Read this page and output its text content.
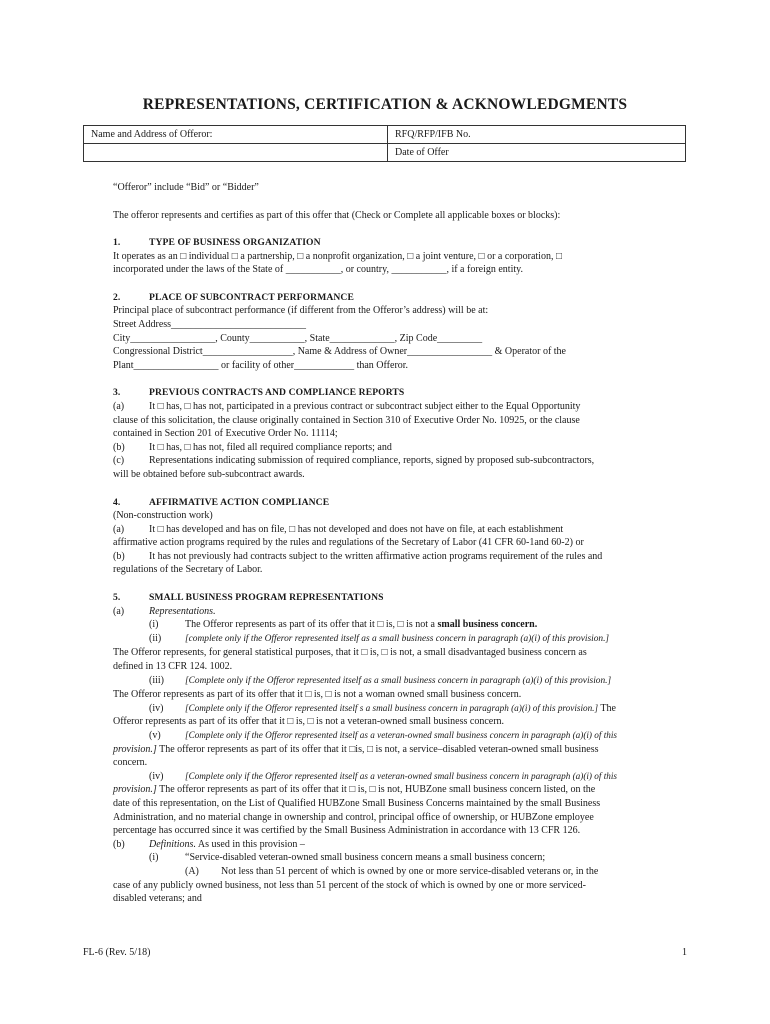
REPRESENTATIONS, CERTIFICATION & ACKNOWLEDGMENTS
Name and Address of Offeror:	RFQ/RFP/IFB No.
	Date of Offer

“Offeror” include “Bid” or “Bidder”

The offeror represents and certifies as part of this offer that (Check or Complete all applicable boxes or blocks):

1.	TYPE OF BUSINESS ORGANIZATION

It operates as an □ individual □ a partnership, □ a nonprofit organization, □ a joint venture, □ or a corporation, □

incorporated under the laws of the State of ___________, or country, ___________, if a foreign entity.

2.	PLACE OF SUBCONTRACT PERFORMANCE

Principal place of subcontract performance (if different from the Offeror’s address) will be at:

Street Address___________________________

City_________________, County___________, State_____________, Zip Code_________

Congressional District__________________, Name & Address of Owner_________________ & Operator of the

Plant_________________ or facility of other____________ than Offeror.

3.	PREVIOUS CONTRACTS AND COMPLIANCE REPORTS

(a) It □ has, □ has not, participated in a previous contract or subcontract subject either to the Equal Opportunity

clause of this solicitation, the clause originally contained in Section 310 of Executive Order No. 10925, or the clause

contained in Section 201 of Executive Order No. 11114;

(b) It □ has, □ has not, filed all required compliance reports; and

(c) Representations indicating submission of required compliance, reports, signed by proposed sub-subcontractors,

will be obtained before sub-subcontract awards.

4.	AFFIRMATIVE ACTION COMPLIANCE

(Non-construction work)

(a) It □ has developed and has on file, □ has not developed and does not have on file, at each establishment

affirmative action programs required by the rules and regulations of the Secretary of Labor (41 CFR 60-1and 60-2) or

(b) It has not previously had contracts subject to the written affirmative action programs requirement of the rules and

regulations of the Secretary of Labor.

5.	SMALL BUSINESS PROGRAM REPRESENTATIONS

(a) Representations.

(i)	The Offeror represents as part of its offer that it □ is, □ is not a small business concern.

(ii)	[complete only if the Offeror represented itself as a small business concern in paragraph (a)(i) of this provision.]

The Offeror represents, for general statistical purposes, that it □ is, □ is not, a small disadvantaged business concern as

defined in 13 CFR 124. 1002.

(iii) [Complete only if the Offeror represented itself as a small business concern in paragraph (a)(i) of this provision.]

The Offeror represents as part of its offer that it □ is, □ is not a woman owned small business concern.

(iv) [Complete only if the Offeror represented itself s a small business concern in paragraph (a)(i) of this provision.] The

Offeror represents as part of its offer that it □ is, □ is not a veteran-owned small business concern.

(v)	[Complete only if the Offeror represented itself as a veteran-owned small business concern in paragraph (a)(i) of this

provision.] The offeror represents as part of its offer that it □is, □ is not, a service–disabled veteran-owned small business

concern.

(iv) [Complete only if the Offeror represented itself as a veteran-owned small business concern in paragraph (a)(i) of this

provision.] The offeror represents as part of its offer that it □ is, □ is not, HUBZone small business concern listed, on the

date of this representation, on the List of Qualified HUBZone Small Business Concerns maintained by the small Business

Administration, and no material change in ownership and control, principal office of ownership, or HUBZone employee

percentage has occurred since it was certified by the Small Business Administration in accordance with 13 CFR 126.

(b) Definitions. As used in this provision –

(i)	“Service-disabled veteran-owned small business concern means a small business concern;

(A) Not less than 51 percent of which is owned by one or more service-disabled veterans or, in the

case of any publicly owned business, not less than 51 percent of the stock of which is owned by one or more serviced-

disabled veterans; and

FL-6 (Rev. 5/18)	1
